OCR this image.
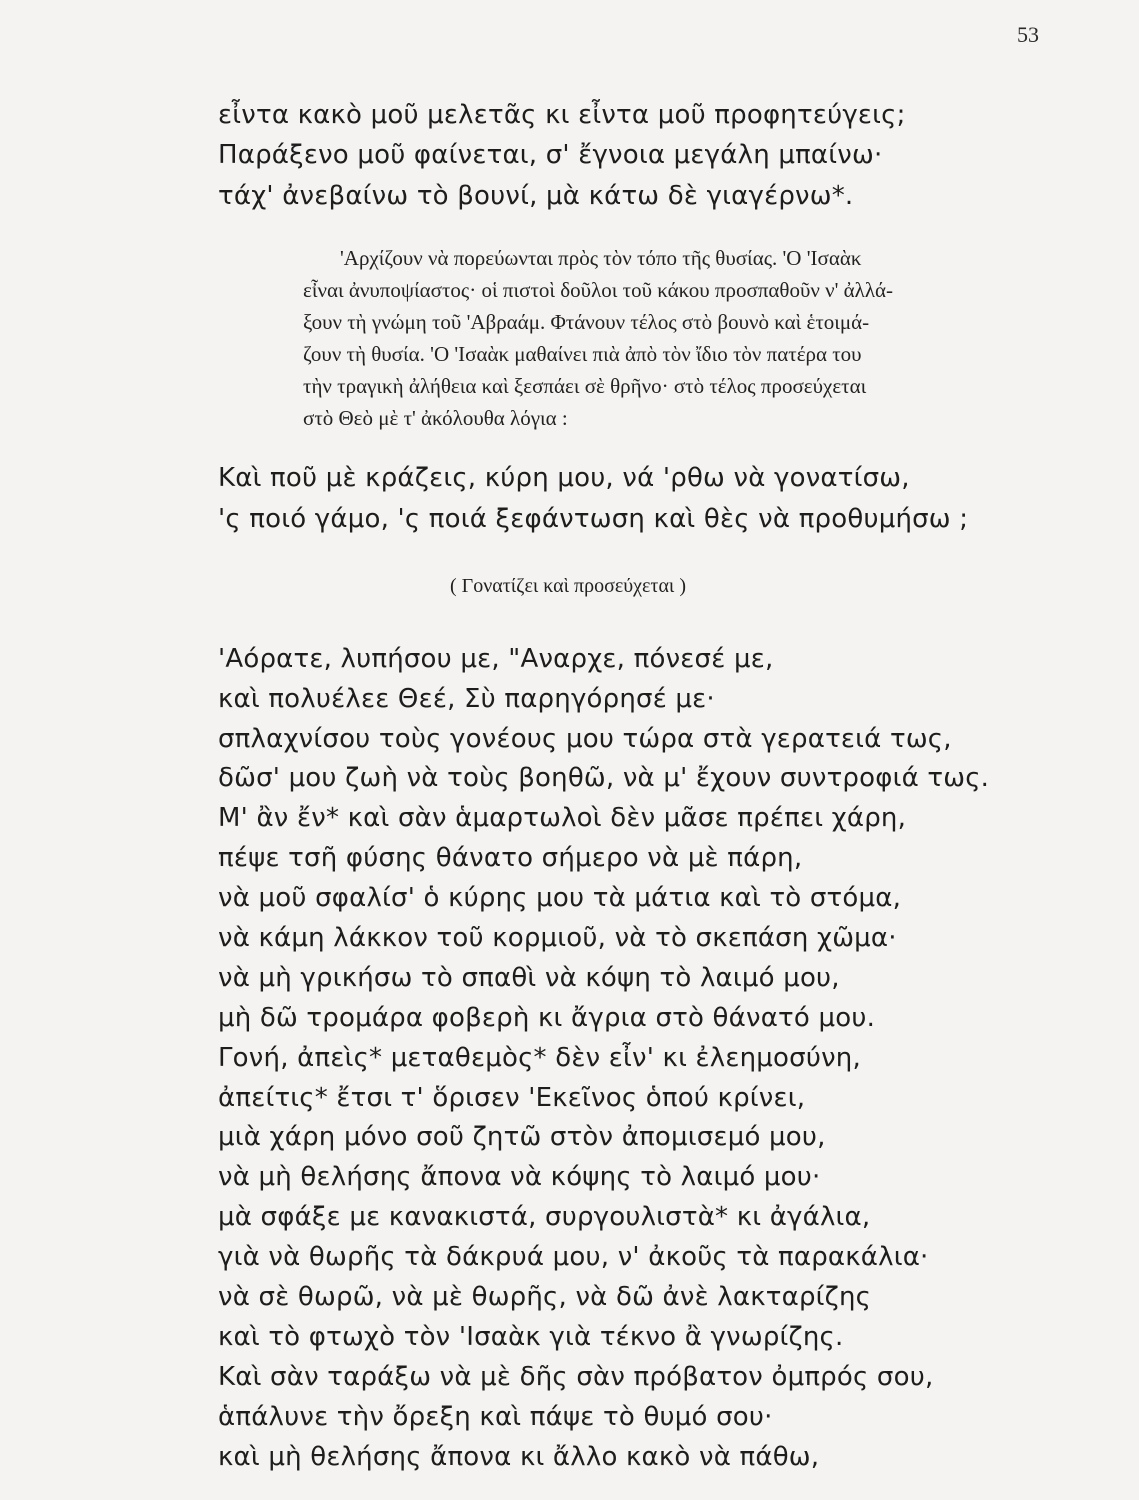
53
εἶντα κακὸ μοῦ μελετᾶς κι εἶντα μοῦ προφητεύγεις;
Παράξενο μοῦ φαίνεται, σ' ἔγνοια μεγάλη μπαίνω·
τάχ' ἀνεβαίνω τὸ βουνί, μὰ κάτω δὲ γιαγέρνω*.
'Αρχίζουν νὰ πορεύωνται πρὸς τὸν τόπο τῆς θυσίας. 'Ο 'Ισαὰκ
εἶναι ἀνυποψίαστος· οἱ πιστοὶ δοῦλοι τοῦ κάκου προσπαθοῦν ν' ἀλλά-
ξουν τὴ γνώμη τοῦ 'Αβραάμ. Φτάνουν τέλος στὸ βουνὸ καὶ ἑτοιμά-
ζουν τὴ θυσία. 'Ο 'Ισαὰκ μαθαίνει πιὰ ἀπὸ τὸν ἴδιο τὸν πατέρα του
τὴν τραγικὴ ἀλήθεια καὶ ξεσπάει σὲ θρῆνο· στὸ τέλος προσεύχεται
στὸ Θεὸ μὲ τ' ἀκόλουθα λόγια :
Καὶ ποῦ μὲ κράζεις, κύρη μου, νά 'ρθω νὰ γονατίσω,
'ς ποιό γάμο, 'ς ποιά ξεφάντωση καὶ θὲς νὰ προθυμήσω ;
( Γονατίζει καὶ προσεύχεται )
'Αόρατε, λυπήσου με, "Αναρχε, πόνεσέ με,
καὶ πολυέλεε Θεέ, Σὺ παρηγόρησέ με·
σπλαχνίσου τοὺς γονέους μου τώρα στὰ γερατειά τως,
δῶσ' μου ζωὴ νὰ τοὺς βοηθῶ, νὰ μ' ἔχουν συντροφιά τως.
Μ' ἂν ἔν* καὶ σὰν ἁμαρτωλοὶ δὲν μᾶσε πρέπει χάρη,
πέψε τσῆ φύσης θάνατο σήμερο νὰ μὲ πάρη,
νὰ μοῦ σφαλίσ' ὁ κύρης μου τὰ μάτια καὶ τὸ στόμα,
νὰ κάμη λάκκον τοῦ κορμιοῦ, νὰ τὸ σκεπάση χῶμα·
νὰ μὴ γρικήσω τὸ σπαθὶ νὰ κόψη τὸ λαιμό μου,
μὴ δῶ τρομάρα φοβερὴ κι ἄγρια στὸ θάνατό μου.
Γονή, ἀπεὶς* μεταθεμὸς* δὲν εἶν' κι ἐλεημοσύνη,
ἀπείτις* ἔτσι τ' ὅρισεν 'Εκεῖνος ὁπού κρίνει,
μιὰ χάρη μόνο σοῦ ζητῶ στὸν ἀπομισεμό μου,
νὰ μὴ θελήσης ἄπονα νὰ κόψης τὸ λαιμό μου·
μὰ σφάξε με κανακιστά, συργουλιστὰ* κι ἀγάλια,
γιὰ νὰ θωρῆς τὰ δάκρυά μου, ν' ἀκοῦς τὰ παρακάλια·
νὰ σὲ θωρῶ, νὰ μὲ θωρῆς, νὰ δῶ ἀνὲ λακταρίζης
καὶ τὸ φτωχὸ τὸν 'Ισαὰκ γιὰ τέκνο ἂ γνωρίζης.
Καὶ σὰν ταράξω νὰ μὲ δῆς σὰν πρόβατον ὀμπρός σου,
ἁπάλυνε τὴν ὄρεξη καὶ πάψε τὸ θυμό σου·
καὶ μὴ θελήσης ἄπονα κι ἄλλο κακὸ νὰ πάθω,
